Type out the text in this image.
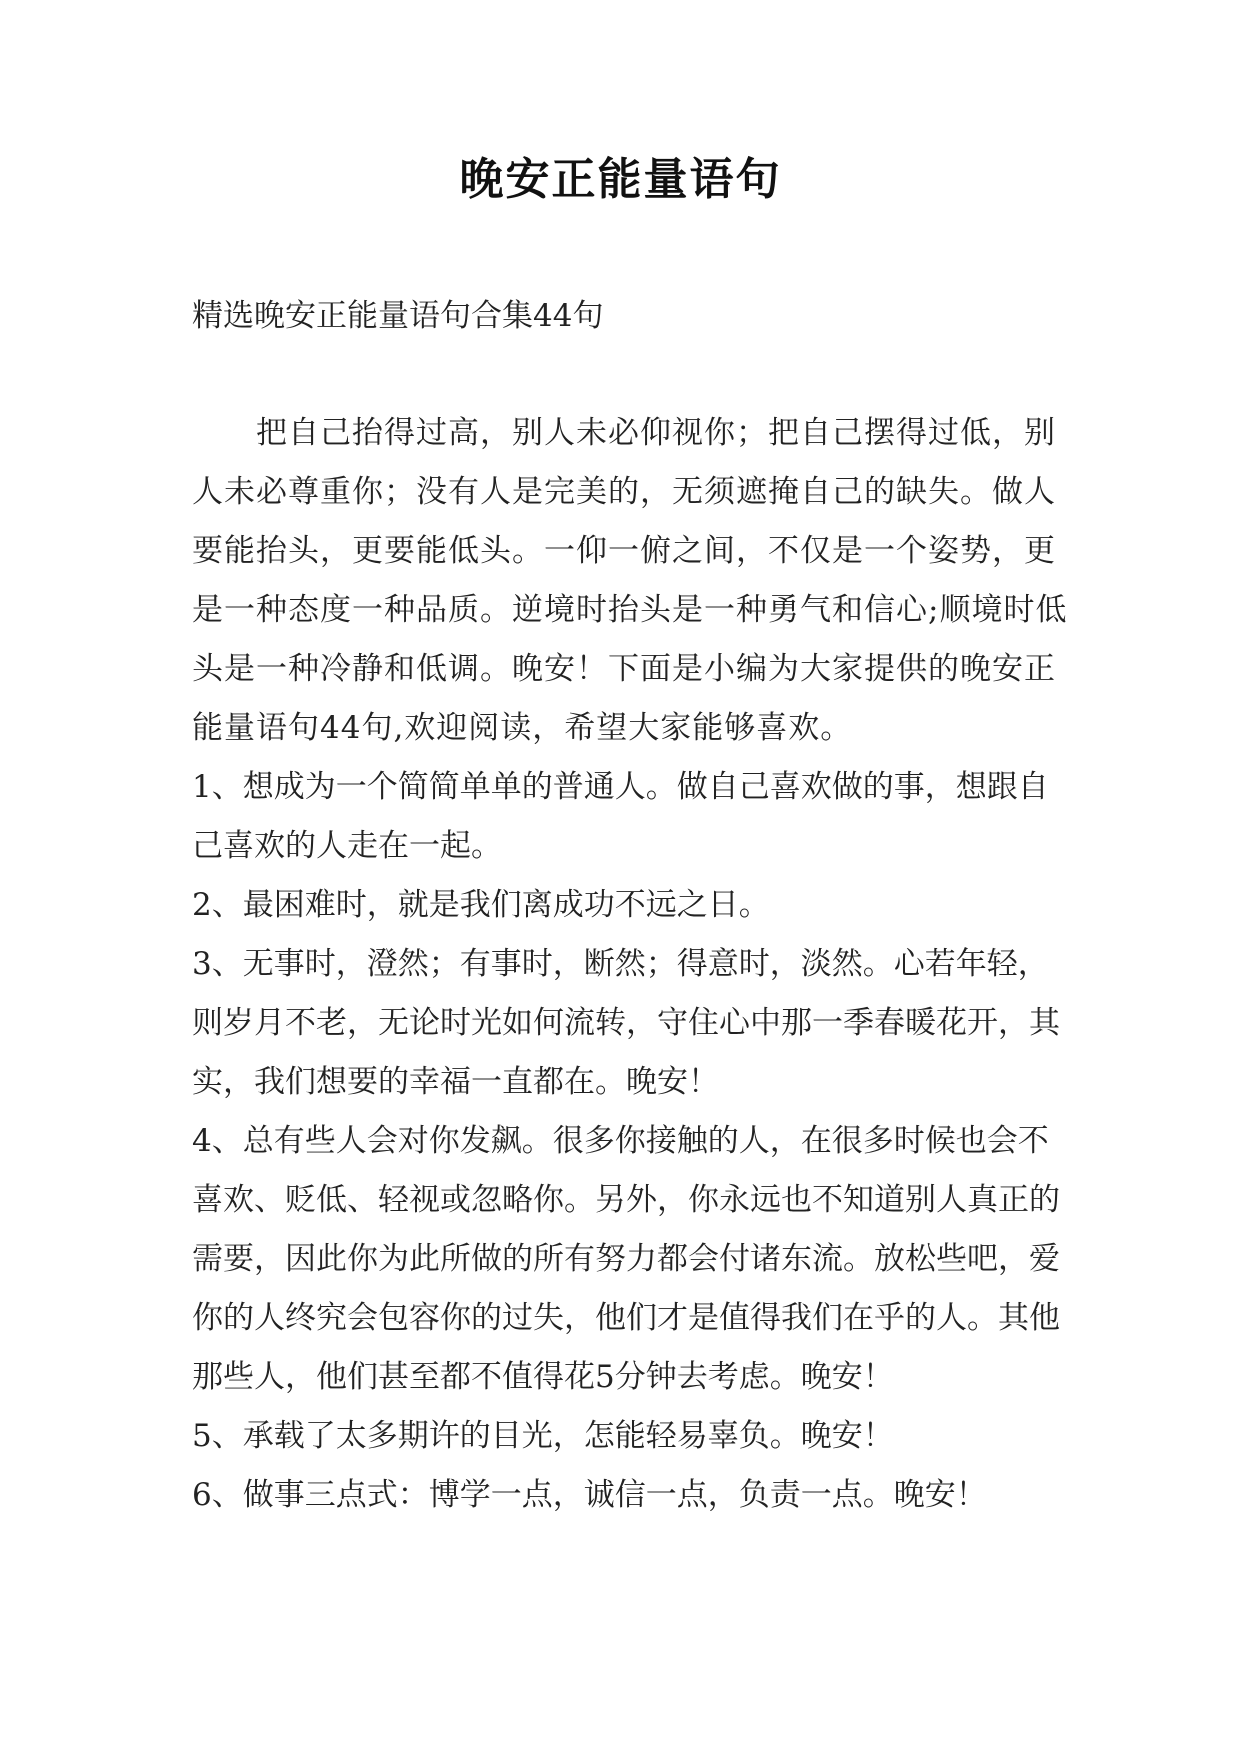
晚安正能量语句
精选晚安正能量语句合集44句

把自己抬得过高，别人未必仰视你；把自己摆得过低，别人未必尊重你；没有人是完美的，无须遮掩自己的缺失。做人要能抬头，更要能低头。一仰一俯之间，不仅是一个姿势，更是一种态度一种品质。逆境时抬头是一种勇气和信心;顺境时低头是一种冷静和低调。晚安！下面是小编为大家提供的晚安正能量语句44句,欢迎阅读，希望大家能够喜欢。

1、想成为一个简简单单的普通人。做自己喜欢做的事，想跟自己喜欢的人走在一起。

2、最困难时，就是我们离成功不远之日。

3、无事时，澄然；有事时，断然；得意时，淡然。心若年轻，则岁月不老，无论时光如何流转，守住心中那一季春暖花开，其实，我们想要的幸福一直都在。晚安！

4、总有些人会对你发飙。很多你接触的人，在很多时候也会不喜欢、贬低、轻视或忽略你。另外，你永远也不知道别人真正的需要，因此你为此所做的所有努力都会付诸东流。放松些吧，爱你的人终究会包容你的过失，他们才是值得我们在乎的人。其他那些人，他们甚至都不值得花5分钟去考虑。晚安！

5、承载了太多期许的目光，怎能轻易辜负。晚安！

6、做事三点式：博学一点，诚信一点，负责一点。晚安！
